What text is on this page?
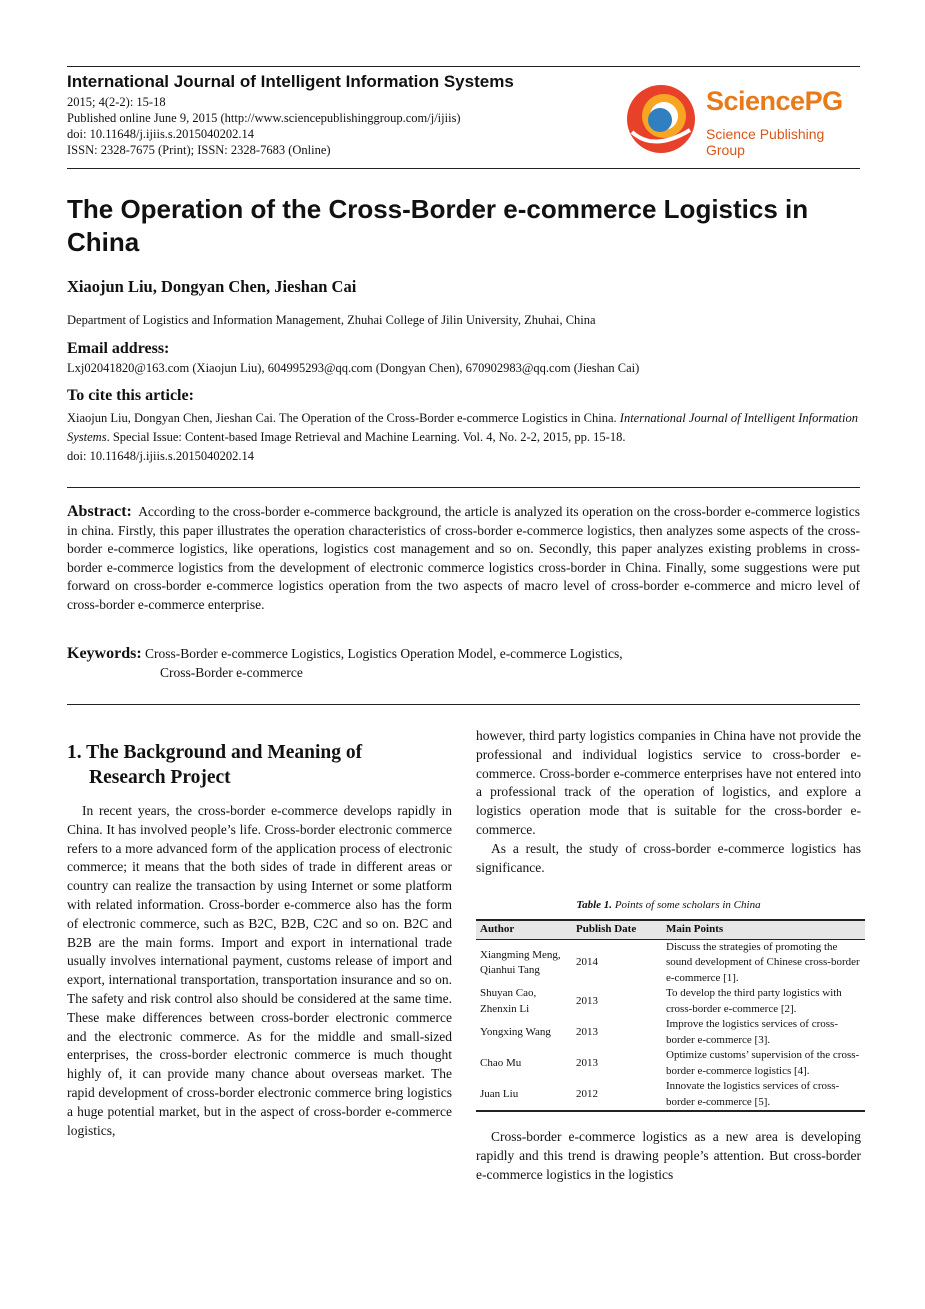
International Journal of Intelligent Information Systems
2015; 4(2-2): 15-18
Published online June 9, 2015 (http://www.sciencepublishinggroup.com/j/ijiis)
doi: 10.11648/j.ijiis.s.2015040202.14
ISSN: 2328-7675 (Print); ISSN: 2328-7683 (Online)
SciencePG
Science Publishing Group
The Operation of the Cross-Border e-commerce Logistics in China
Xiaojun Liu, Dongyan Chen, Jieshan Cai
Department of Logistics and Information Management, Zhuhai College of Jilin University, Zhuhai, China
Email address:
Lxj02041820@163.com (Xiaojun Liu), 604995293@qq.com (Dongyan Chen), 670902983@qq.com (Jieshan Cai)
To cite this article:
Xiaojun Liu, Dongyan Chen, Jieshan Cai. The Operation of the Cross-Border e-commerce Logistics in China. International Journal of Intelligent Information Systems. Special Issue: Content-based Image Retrieval and Machine Learning. Vol. 4, No. 2-2, 2015, pp. 15-18.
doi: 10.11648/j.ijiis.s.2015040202.14
Abstract: According to the cross-border e-commerce background, the article is analyzed its operation on the cross-border e-commerce logistics in china. Firstly, this paper illustrates the operation characteristics of cross-border e-commerce logistics, then analyzes some aspects of the cross-border e-commerce logistics, like operations, logistics cost management and so on. Secondly, this paper analyzes existing problems in cross-border e-commerce logistics from the development of electronic commerce logistics cross-border in China. Finally, some suggestions were put forward on cross-border e-commerce logistics operation from the two aspects of macro level of cross-border e-commerce and micro level of cross-border e-commerce enterprise.
Keywords: Cross-Border e-commerce Logistics, Logistics Operation Model, e-commerce Logistics,
Cross-Border e-commerce

1. The Background and Meaning of
Research Project

In recent years, the cross-border e-commerce develops rapidly in China. It has involved people’s life. Cross-border electronic commerce refers to a more advanced form of the application process of electronic commerce; it means that the both sides of trade in different areas or country can realize the transaction by using Internet or some platform with related information. Cross-border e-commerce also has the form of electronic commerce, such as B2C, B2B, C2C and so on. B2C and B2B are the main forms. Import and export in international trade usually involves international payment, customs release of import and export, international transportation, transportation insurance and so on. The safety and risk control also should be considered at the same time. These make differences between cross-border electronic commerce and the electronic commerce. As for the middle and small-sized enterprises, the cross-border electronic commerce is much thought highly of, it can provide many chance about overseas market. The rapid development of cross-border electronic commerce bring logistics a huge potential market, but in the aspect of cross-border e-commerce logistics,

however, third party logistics companies in China have not provide the professional and individual logistics service to cross-border e-commerce. Cross-border e-commerce enterprises have not entered into a professional track of the operation of logistics, and explore a logistics operation mode that is suitable for the cross-border e-commerce.

As a result, the study of cross-border e-commerce logistics has significance.

Table 1. Points of some scholars in China
Author	Publish Date	Main Points
Xiangming Meng, Qianhui Tang	2014	Discuss the strategies of promoting the sound development of Chinese cross-border e-commerce [1].
Shuyan Cao, Zhenxin Li	2013	To develop the third party logistics with cross-border e-commerce [2].
Yongxing Wang	2013	Improve the logistics services of cross-border e-commerce [3].
Chao Mu	2013	Optimize customs’ supervision of the cross-border e-commerce logistics [4].
Juan Liu	2012	Innovate the logistics services of cross-border e-commerce [5].

Cross-border e-commerce logistics as a new area is developing rapidly and this trend is drawing people’s attention. But cross-border e-commerce logistics in the logistics
